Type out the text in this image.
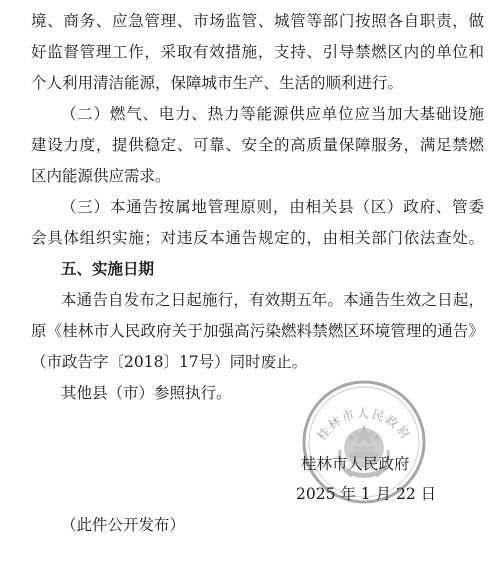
境、商务、应急管理、市场监管、城管等部门按照各自职责，做
好监督管理工作，采取有效措施，支持、引导禁燃区内的单位和
个人利用清洁能源，保障城市生产、生活的顺利进行。
（二）燃气、电力、热力等能源供应单位应当加大基础设施
建设力度，提供稳定、可靠、安全的高质量保障服务，满足禁燃
区内能源供应需求。
（三）本通告按属地管理原则，由相关县（区）政府、管委
会具体组织实施；对违反本通告规定的，由相关部门依法查处。
五、实施日期
本通告自发布之日起施行，有效期五年。本通告生效之日起，
原《桂林市人民政府关于加强高污染燃料禁燃区环境管理的通告》
（市政告字〔2018〕17号）同时废止。
其他县（市）参照执行。
桂林市人民政府
桂林市人民政府
2025 年 1 月 22 日
（此件公开发布）
